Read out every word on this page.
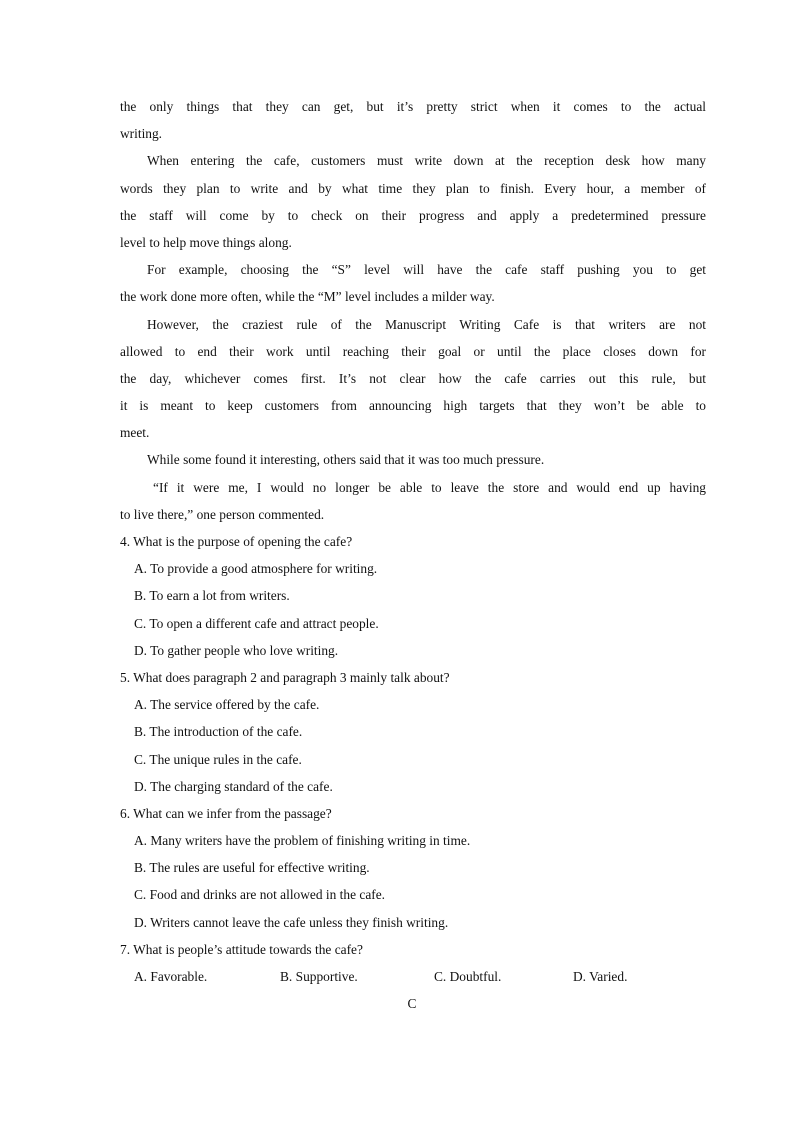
the only things that they can get, but it’s pretty strict when it comes to the actual
writing.
When entering the cafe, customers must write down at the reception desk how many
words they plan to write and by what time they plan to finish. Every hour, a member of
the staff will come by to check on their progress and apply a predetermined pressure
level to help move things along.
For example, choosing the “S” level will have the cafe staff pushing you to get
the work done more often, while the “M” level includes a milder way.
However, the craziest rule of the Manuscript Writing Cafe is that writers are not
allowed to end their work until reaching their goal or until the place closes down for
the day, whichever comes first. It’s not clear how the cafe carries out this rule, but
it is meant to keep customers from announcing high targets that they won’t be able to
meet.
While some found it interesting, others said that it was too much pressure.
“If it were me, I would no longer be able to leave the store and would end up having
to live there,” one person commented.
4. What is the purpose of opening the cafe?
A. To provide a good atmosphere for writing.
B. To earn a lot from writers.
C. To open a different cafe and attract people.
D. To gather people who love writing.
5. What does paragraph 2 and paragraph 3 mainly talk about?
A. The service offered by the cafe.
B. The introduction of the cafe.
C. The unique rules in the cafe.
D. The charging standard of the cafe.
6. What can we infer from the passage?
A. Many writers have the problem of finishing writing in time.
B. The rules are useful for effective writing.
C. Food and drinks are not allowed in the cafe.
D. Writers cannot leave the cafe unless they finish writing.
7. What is people’s attitude towards the cafe?
A. Favorable.	B. Supportive.	C. Doubtful.	D. Varied.
C
